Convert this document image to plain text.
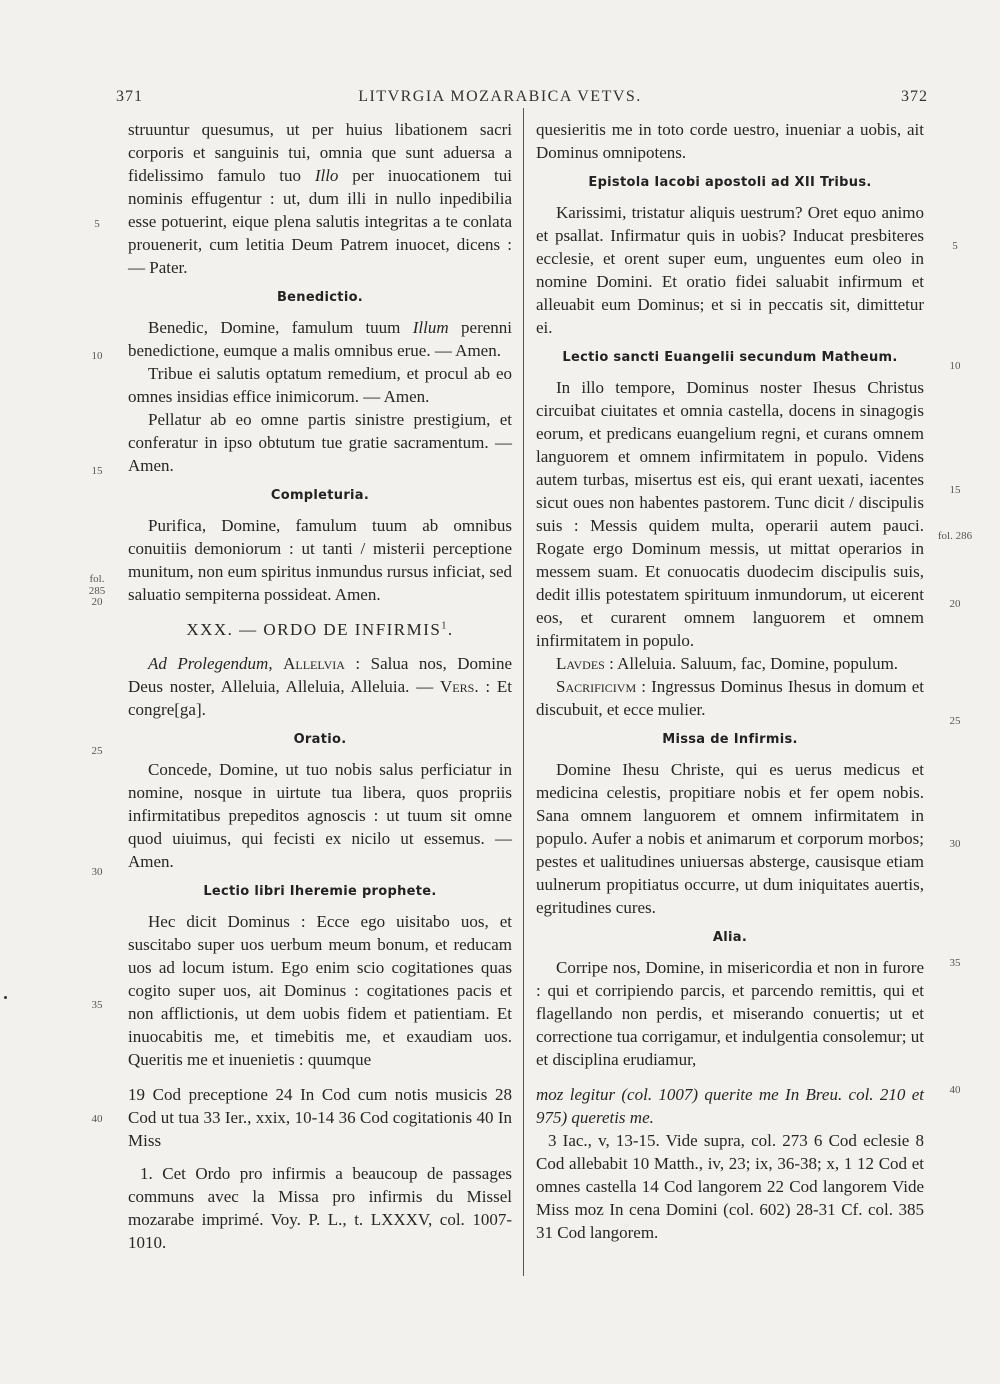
LITVRGIA MOZARABICA VETVS.
371	372
5
10
15
fol. 285
20
25
30
35
40
5
10
15
fol. 286
20
25
30
35
40

struuntur quesumus, ut per huius libationem sacri corporis et sanguinis tui, omnia que sunt aduersa a fidelissimo famulo tuo Illo per inuocationem tui nominis effugentur : ut, dum illi in nullo inpedibilia esse potuerint, eique plena salutis integritas a te conlata prouenerit, cum letitia Deum Patrem inuocet, dicens : — Pater.

Benedictio.

Benedic, Domine, famulum tuum Illum perenni benedictione, eumque a malis omnibus erue. — Amen.

Tribue ei salutis optatum remedium, et procul ab eo omnes insidias effice inimicorum. — Amen.

Pellatur ab eo omne partis sinistre prestigium, et conferatur in ipso obtutum tue gratie sacramentum. — Amen.

Completuria.

Purifica, Domine, famulum tuum ab omnibus conuitiis demoniorum : ut tanti / misterii perceptione munitum, non eum spiritus inmundus rursus inficiat, sed saluatio sempiterna possideat. Amen.

XXX. — ORDO DE INFIRMIS$^1$.

Ad Prolegendum, Allelvia : Salua nos, Domine Deus noster, Alleluia, Alleluia, Alleluia. — Vers. : Et congre[ga].

Oratio.

Concede, Domine, ut tuo nobis salus perficiatur in nomine, nosque in uirtute tua libera, quos propriis infirmitatibus prepeditos agnoscis : ut tuum sit omne quod uiuimus, qui fecisti ex nicilo ut essemus. — Amen.

Lectio libri Iheremie prophete.

Hec dicit Dominus : Ecce ego uisitabo uos, et suscitabo super uos uerbum meum bonum, et reducam uos ad locum istum. Ego enim scio cogitationes quas cogito super uos, ait Dominus : cogitationes pacis et non afflictionis, ut dem uobis fidem et patientiam. Et inuocabitis me, et timebitis me, et exaudiam uos. Queritis me et inuenietis : quumque

19 Cod preceptione 24 In Cod cum notis musicis 28 Cod ut tua 33 Ier., xxix, 10-14 36 Cod cogitationis 40 In Miss

1. Cet Ordo pro infirmis a beaucoup de passages communs avec la Missa pro infirmis du Missel mozarabe imprimé. Voy. P. L., t. LXXXV, col. 1007-1010.

quesieritis me in toto corde uestro, inueniar a uobis, ait Dominus omnipotens.

Epistola Iacobi apostoli ad XII Tribus.

Karissimi, tristatur aliquis uestrum? Oret equo animo et psallat. Infirmatur quis in uobis? Inducat presbiteres ecclesie, et orent super eum, unguentes eum oleo in nomine Domini. Et oratio fidei saluabit infirmum et alleuabit eum Dominus; et si in peccatis sit, dimittetur ei.

Lectio sancti Euangelii secundum Matheum.

In illo tempore, Dominus noster Ihesus Christus circuibat ciuitates et omnia castella, docens in sinagogis eorum, et predicans euangelium regni, et curans omnem languorem et omnem infirmitatem in populo. Videns autem turbas, misertus est eis, qui erant uexati, iacentes sicut oues non habentes pastorem. Tunc dicit / discipulis suis : Messis quidem multa, operarii autem pauci. Rogate ergo Dominum messis, ut mittat operarios in messem suam. Et conuocatis duodecim discipulis suis, dedit illis potestatem spirituum inmundorum, ut eicerent eos, et curarent omnem languorem et omnem infirmitatem in populo.

Lavdes : Alleluia. Saluum, fac, Domine, populum.

Sacrificivm : Ingressus Dominus Ihesus in domum et discubuit, et ecce mulier.

Missa de Infirmis.

Domine Ihesu Christe, qui es uerus medicus et medicina celestis, propitiare nobis et fer opem nobis. Sana omnem languorem et omnem infirmitatem in populo. Aufer a nobis et animarum et corporum morbos; pestes et ualitudines uniuersas absterge, causisque etiam uulnerum propitiatus occurre, ut dum iniquitates auertis, egritudines cures.

Alia.

Corripe nos, Domine, in misericordia et non in furore : qui et corripiendo parcis, et parcendo remittis, qui et flagellando non perdis, et miserando conuertis; ut et correctione tua corrigamur, et indulgentia consolemur; ut et disciplina erudiamur,

moz legitur (col. 1007) querite me In Breu. col. 210 et 975) queretis me.

3 Iac., v, 13-15. Vide supra, col. 273 6 Cod eclesie 8 Cod allebabit 10 Matth., iv, 23; ix, 36-38; x, 1 12 Cod et omnes castella 14 Cod langorem 22 Cod langorem Vide Miss moz In cena Domini (col. 602) 28-31 Cf. col. 385 31 Cod langorem.
